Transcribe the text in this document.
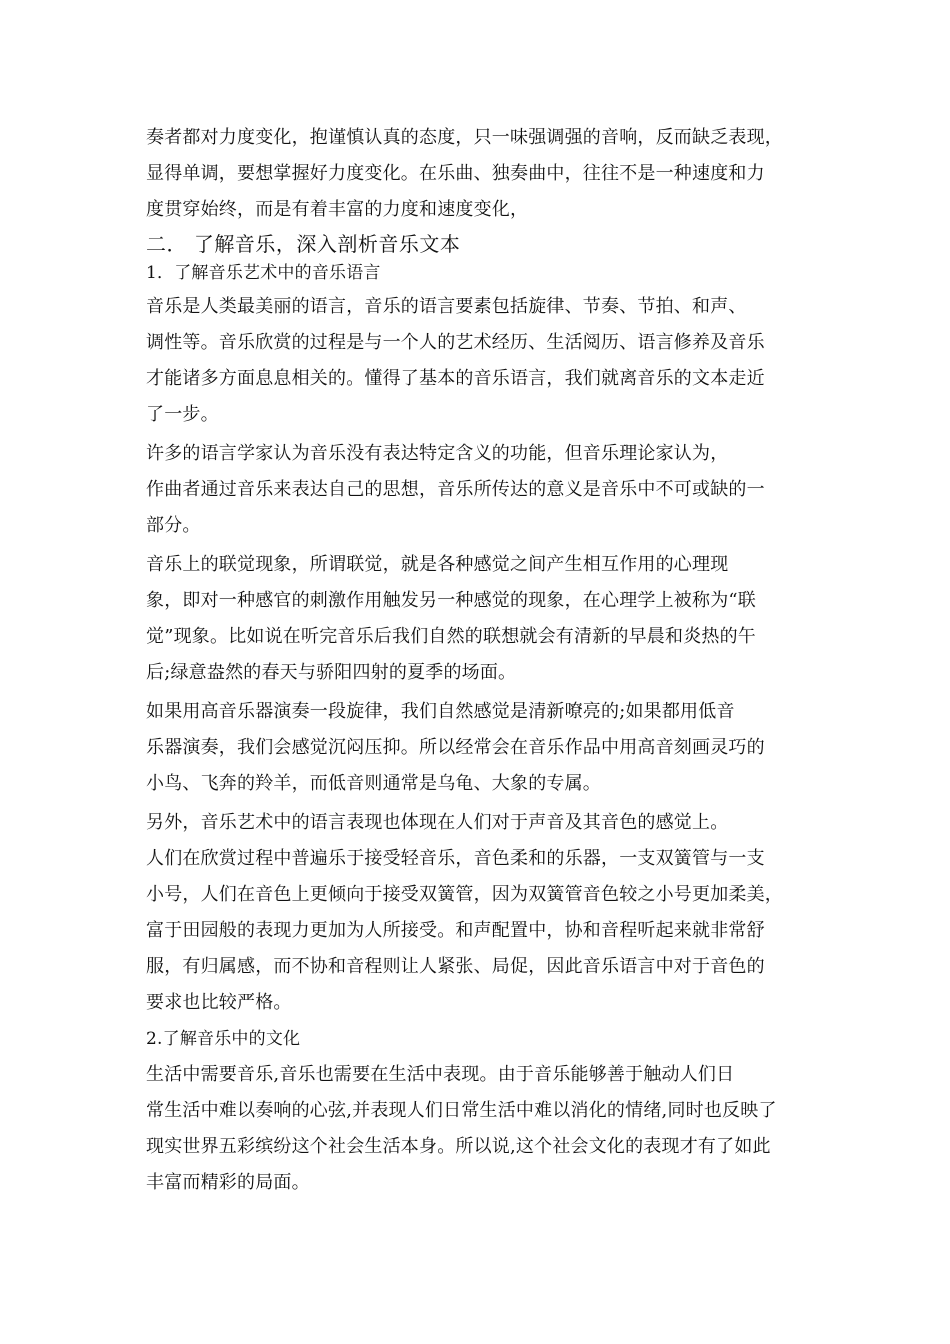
奏者都对力度变化，抱谨慎认真的态度，只一味强调强的音响，反而缺乏表现，
显得单调，要想掌握好力度变化。在乐曲、独奏曲中，往往不是一种速度和力
度贯穿始终，而是有着丰富的力度和速度变化，
二． 了解音乐，深入剖析音乐文本
1．了解音乐艺术中的音乐语言
音乐是人类最美丽的语言，音乐的语言要素包括旋律、节奏、节拍、和声、
调性等。音乐欣赏的过程是与一个人的艺术经历、生活阅历、语言修养及音乐
才能诸多方面息息相关的。懂得了基本的音乐语言，我们就离音乐的文本走近
了一步。
许多的语言学家认为音乐没有表达特定含义的功能，但音乐理论家认为，
作曲者通过音乐来表达自己的思想，音乐所传达的意义是音乐中不可或缺的一
部分。
音乐上的联觉现象，所谓联觉，就是各种感觉之间产生相互作用的心理现
象，即对一种感官的刺激作用触发另一种感觉的现象，在心理学上被称为“联
觉”现象。比如说在听完音乐后我们自然的联想就会有清新的早晨和炎热的午
后;绿意盎然的春天与骄阳四射的夏季的场面。
如果用高音乐器演奏一段旋律，我们自然感觉是清新嘹亮的;如果都用低音
乐器演奏，我们会感觉沉闷压抑。所以经常会在音乐作品中用高音刻画灵巧的
小鸟、飞奔的羚羊，而低音则通常是乌龟、大象的专属。
另外，音乐艺术中的语言表现也体现在人们对于声音及其音色的感觉上。
人们在欣赏过程中普遍乐于接受轻音乐，音色柔和的乐器，一支双簧管与一支
小号，人们在音色上更倾向于接受双簧管，因为双簧管音色较之小号更加柔美，
富于田园般的表现力更加为人所接受。和声配置中，协和音程听起来就非常舒
服，有归属感，而不协和音程则让人紧张、局促，因此音乐语言中对于音色的
要求也比较严格。
2.了解音乐中的文化
生活中需要音乐,音乐也需要在生活中表现。由于音乐能够善于触动人们日
常生活中难以奏响的心弦,并表现人们日常生活中难以消化的情绪,同时也反映了
现实世界五彩缤纷这个社会生活本身。所以说,这个社会文化的表现才有了如此
丰富而精彩的局面。
